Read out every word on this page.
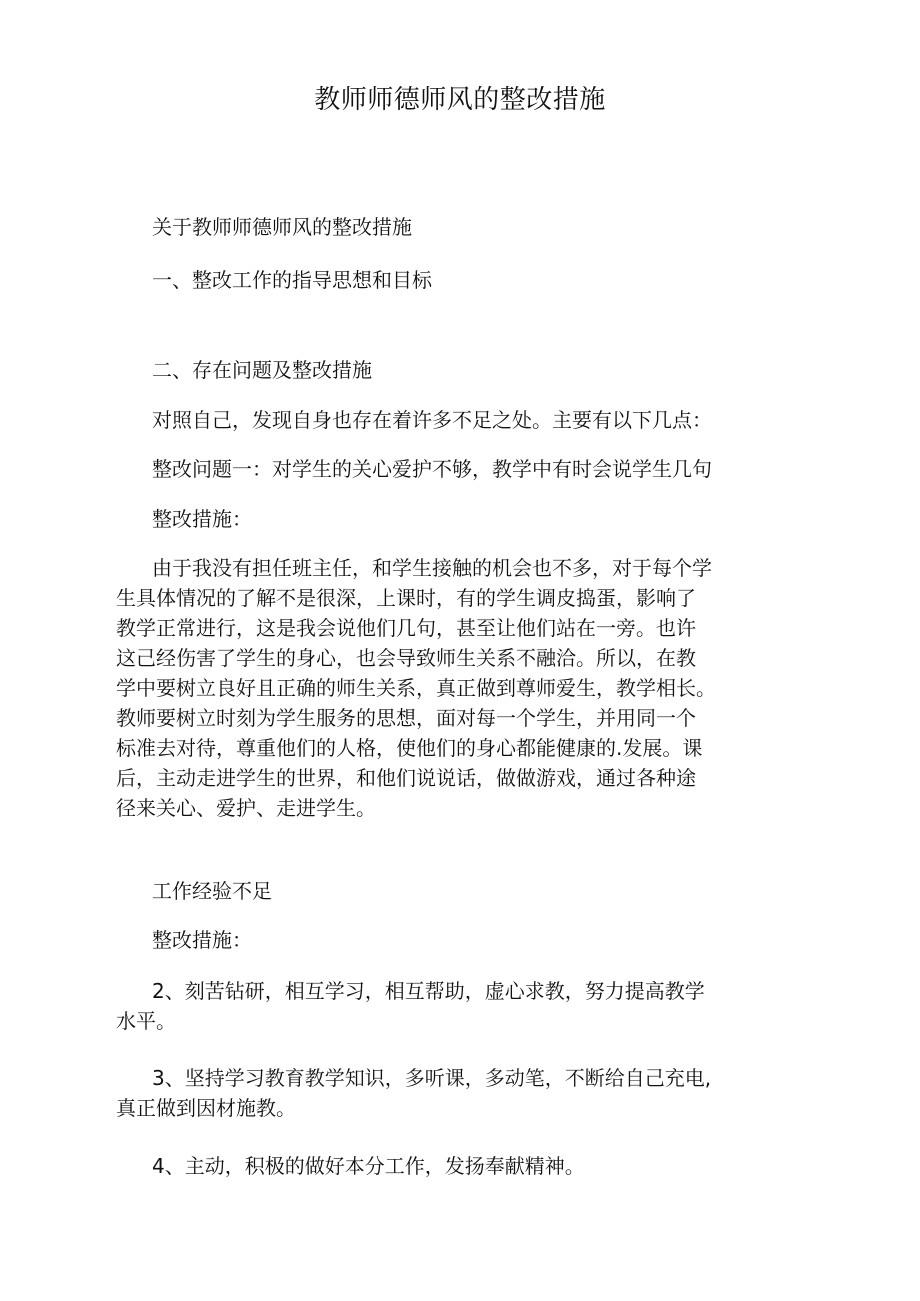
教师师德师风的整改措施
关于教师师德师风的整改措施
一、整改工作的指导思想和目标
二、存在问题及整改措施
对照自己，发现自身也存在着许多不足之处。主要有以下几点：
整改问题一：对学生的关心爱护不够，教学中有时会说学生几句
整改措施：
由于我没有担任班主任，和学生接触的机会也不多，对于每个学
生具体情况的了解不是很深，上课时，有的学生调皮捣蛋，影响了
教学正常进行，这是我会说他们几句，甚至让他们站在一旁。也许
这己经伤害了学生的身心，也会导致师生关系不融洽。所以，在教
学中要树立良好且正确的师生关系，真正做到尊师爱生，教学相长。
教师要树立时刻为学生服务的思想，面对每一个学生，并用同一个
标准去对待，尊重他们的人格，使他们的身心都能健康的.发展。课
后，主动走进学生的世界，和他们说说话，做做游戏，通过各种途
径来关心、爱护、走进学生。
工作经验不足
整改措施：
2、刻苦钻研，相互学习，相互帮助，虚心求教，努力提高教学
水平。
3、坚持学习教育教学知识，多听课，多动笔，不断给自己充电,
真正做到因材施教。
4、主动，积极的做好本分工作，发扬奉献精神。
